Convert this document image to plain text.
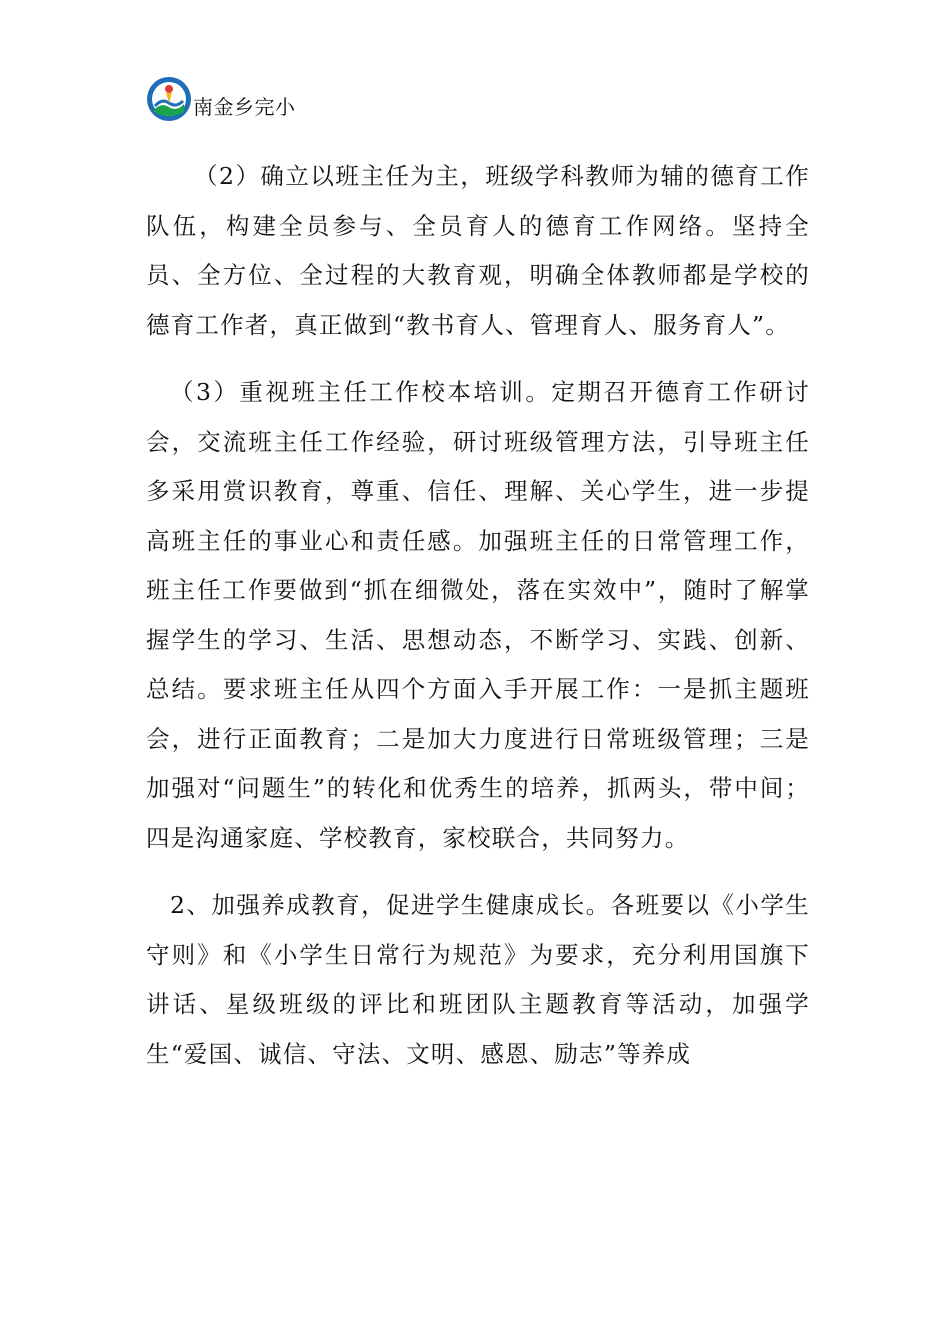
南金乡完小

（2）确立以班主任为主，班级学科教师为辅的德育工作队伍，构建全员参与、全员育人的德育工作网络。坚持全员、全方位、全过程的大教育观，明确全体教师都是学校的德育工作者，真正做到“教书育人、管理育人、服务育人”。

（3）重视班主任工作校本培训。定期召开德育工作研讨会，交流班主任工作经验，研讨班级管理方法，引导班主任多采用赏识教育，尊重、信任、理解、关心学生，进一步提高班主任的事业心和责任感。加强班主任的日常管理工作，班主任工作要做到“抓在细微处，落在实效中”，随时了解掌握学生的学习、生活、思想动态，不断学习、实践、创新、总结。要求班主任从四个方面入手开展工作：一是抓主题班会，进行正面教育；二是加大力度进行日常班级管理；三是加强对“问题生”的转化和优秀生的培养，抓两头，带中间；四是沟通家庭、学校教育，家校联合，共同努力。

2、加强养成教育，促进学生健康成长。各班要以《小学生守则》和《小学生日常行为规范》为要求，充分利用国旗下讲话、星级班级的评比和班团队主题教育等活动，加强学生“爱国、诚信、守法、文明、感恩、励志”等养成
